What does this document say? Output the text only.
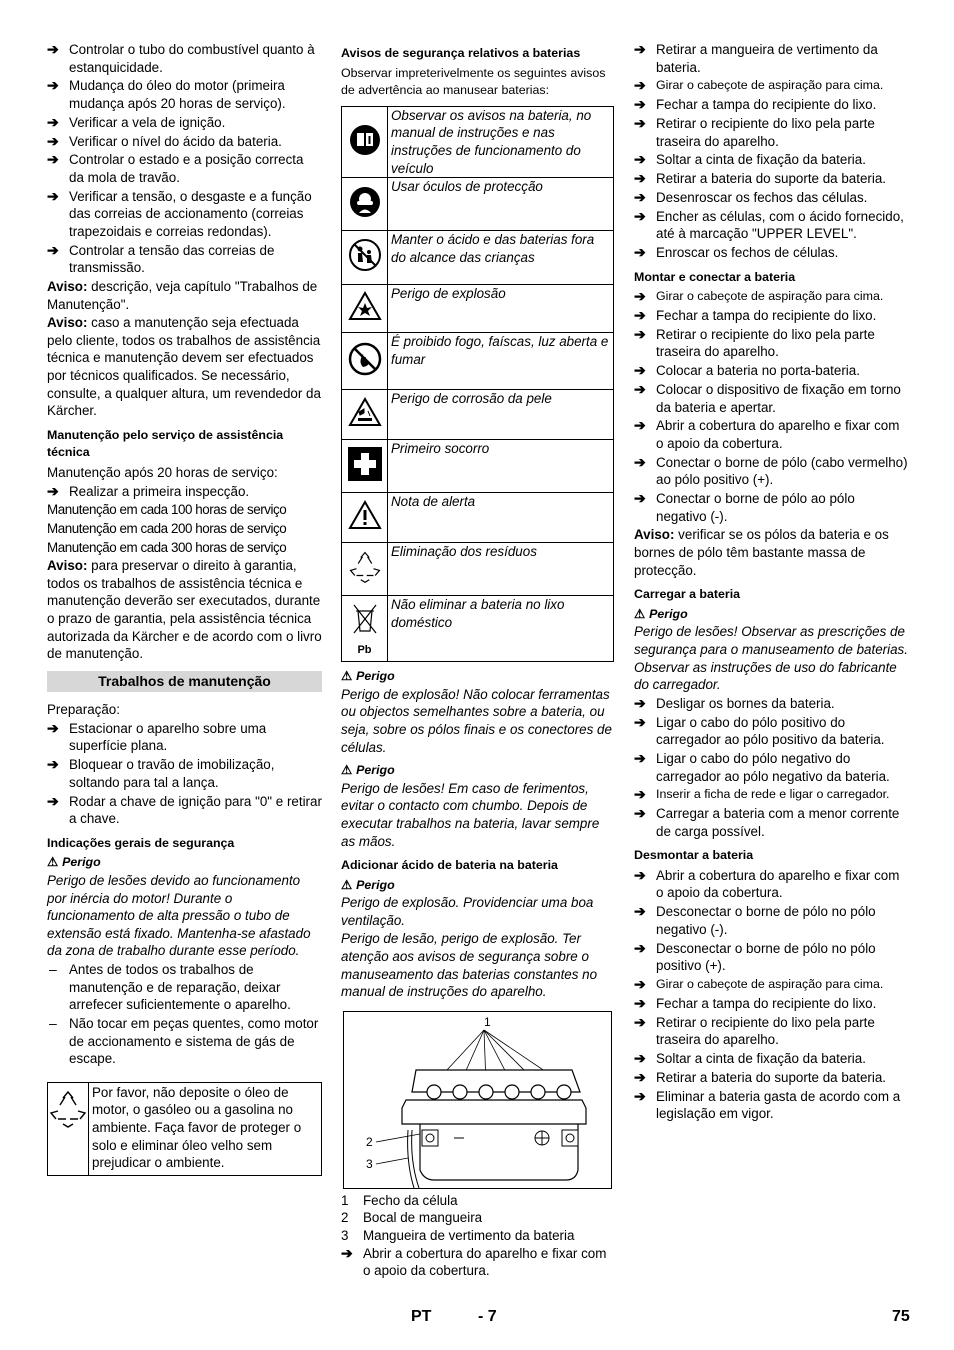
➔ Controlar o tubo do combustível quanto à estanquicidade.
➔ Mudança do óleo do motor (primeira mudança após 20 horas de serviço).
➔ Verificar a vela de ignição.
➔ Verificar o nível do ácido da bateria.
➔ Controlar o estado e a posição correcta da mola de travão.
➔ Verificar a tensão, o desgaste e a função das correias de accionamento (correias trapezoidais e correias redondas).
➔ Controlar a tensão das correias de transmissão.

Aviso: descrição, veja capítulo "Trabalhos de Manutenção".

Aviso: caso a manutenção seja efectuada pelo cliente, todos os trabalhos de assistência técnica e manutenção devem ser efectuados por técnicos qualificados. Se necessário, consulte, a qualquer altura, um revendedor da Kärcher.

Manutenção pelo serviço de assistência técnica

Manutenção após 20 horas de serviço:

➔ Realizar a primeira inspecção.

Manutenção em cada 100 horas de serviço

Manutenção em cada 200 horas de serviço

Manutenção em cada 300 horas de serviço

Aviso: para preservar o direito à garantia, todos os trabalhos de assistência técnica e manutenção deverão ser executados, durante o prazo de garantia, pela assistência técnica autorizada da Kärcher e de acordo com o livro de manutenção.

Trabalhos de manutenção

Preparação:

➔ Estacionar o aparelho sobre uma superfície plana.
➔ Bloquear o travão de imobilização, soltando para tal a lança.
➔ Rodar a chave de ignição para "0" e retirar a chave.
Indicações gerais de segurança
⚠ Perigo

Perigo de lesões devido ao funcionamento por inércia do motor! Durante o funcionamento de alta pressão o tubo de extensão está fixado. Mantenha-se afastado da zona de trabalho durante esse período.

– Antes de todos os trabalhos de manutenção e de reparação, deixar arrefecer suficientemente o aparelho.
– Não tocar em peças quentes, como motor de accionamento e sistema de gás de escape.
Por favor, não deposite o óleo de motor, o gasóleo ou a gasolina no ambiente. Faça favor de proteger o solo e eliminar óleo velho sem prejudicar o ambiente.
Avisos de segurança relativos a baterias

Observar impreterivelmente os seguintes avisos de advertência ao manusear baterias:

	Observar os avisos na bateria, no manual de instruções e nas instruções de funcionamento do veículo
	Usar óculos de protecção
	Manter o ácido e das baterias fora do alcance das crianças
	Perigo de explosão
	É proibido fogo, faíscas, luz aberta e fumar
	Perigo de corrosão da pele
	Primeiro socorro
	Nota de alerta
	Eliminação dos resíduos

Pb	Não eliminar a bateria no lixo doméstico
⚠ Perigo

Perigo de explosão! Não colocar ferramentas ou objectos semelhantes sobre a bateria, ou seja, sobre os pólos finais e os conectores de células.

⚠ Perigo

Perigo de lesões! Em caso de ferimentos, evitar o contacto com chumbo. Depois de executar trabalhos na bateria, lavar sempre as mãos.

Adicionar ácido de bateria na bateria
⚠ Perigo

Perigo de explosão. Providenciar uma boa ventilação.

Perigo de lesão, perigo de explosão. Ter atenção aos avisos de segurança sobre o manuseamento das baterias constantes no manual de instruções do aparelho.

1
2
3
1 Fecho da célula
2 Bocal de mangueira
3 Mangueira de vertimento da bateria
➔ Abrir a cobertura do aparelho e fixar com o apoio da cobertura.
➔ Retirar a mangueira de vertimento da bateria.
➔ Girar o cabeçote de aspiração para cima.
➔ Fechar a tampa do recipiente do lixo.
➔ Retirar o recipiente do lixo pela parte traseira do aparelho.
➔ Soltar a cinta de fixação da bateria.
➔ Retirar a bateria do suporte da bateria.
➔ Desenroscar os fechos das células.
➔ Encher as células, com o ácido fornecido, até à marcação "UPPER LEVEL".
➔ Enroscar os fechos de células.
Montar e conectar a bateria
➔ Girar o cabeçote de aspiração para cima.
➔ Fechar a tampa do recipiente do lixo.
➔ Retirar o recipiente do lixo pela parte traseira do aparelho.
➔ Colocar a bateria no porta-bateria.
➔ Colocar o dispositivo de fixação em torno da bateria e apertar.
➔ Abrir a cobertura do aparelho e fixar com o apoio da cobertura.
➔ Conectar o borne de pólo (cabo vermelho) ao pólo positivo (+).
➔ Conectar o borne de pólo ao pólo negativo (-).

Aviso: verificar se os pólos da bateria e os bornes de pólo têm bastante massa de protecção.

Carregar a bateria
⚠ Perigo

Perigo de lesões! Observar as prescrições de segurança para o manuseamento de baterias. Observar as instruções de uso do fabricante do carregador.

➔ Desligar os bornes da bateria.
➔ Ligar o cabo do pólo positivo do carregador ao pólo positivo da bateria.
➔ Ligar o cabo do pólo negativo do carregador ao pólo negativo da bateria.
➔ Inserir a ficha de rede e ligar o carregador.
➔ Carregar a bateria com a menor corrente de carga possível.
Desmontar a bateria
➔ Abrir a cobertura do aparelho e fixar com o apoio da cobertura.
➔ Desconectar o borne de pólo no pólo negativo (-).
➔ Desconectar o borne de pólo no pólo positivo (+).
➔ Girar o cabeçote de aspiração para cima.
➔ Fechar a tampa do recipiente do lixo.
➔ Retirar o recipiente do lixo pela parte traseira do aparelho.
➔ Soltar a cinta de fixação da bateria.
➔ Retirar a bateria do suporte da bateria.
➔ Eliminar a bateria gasta de acordo com a legislação em vigor.
PT	- 7	75
